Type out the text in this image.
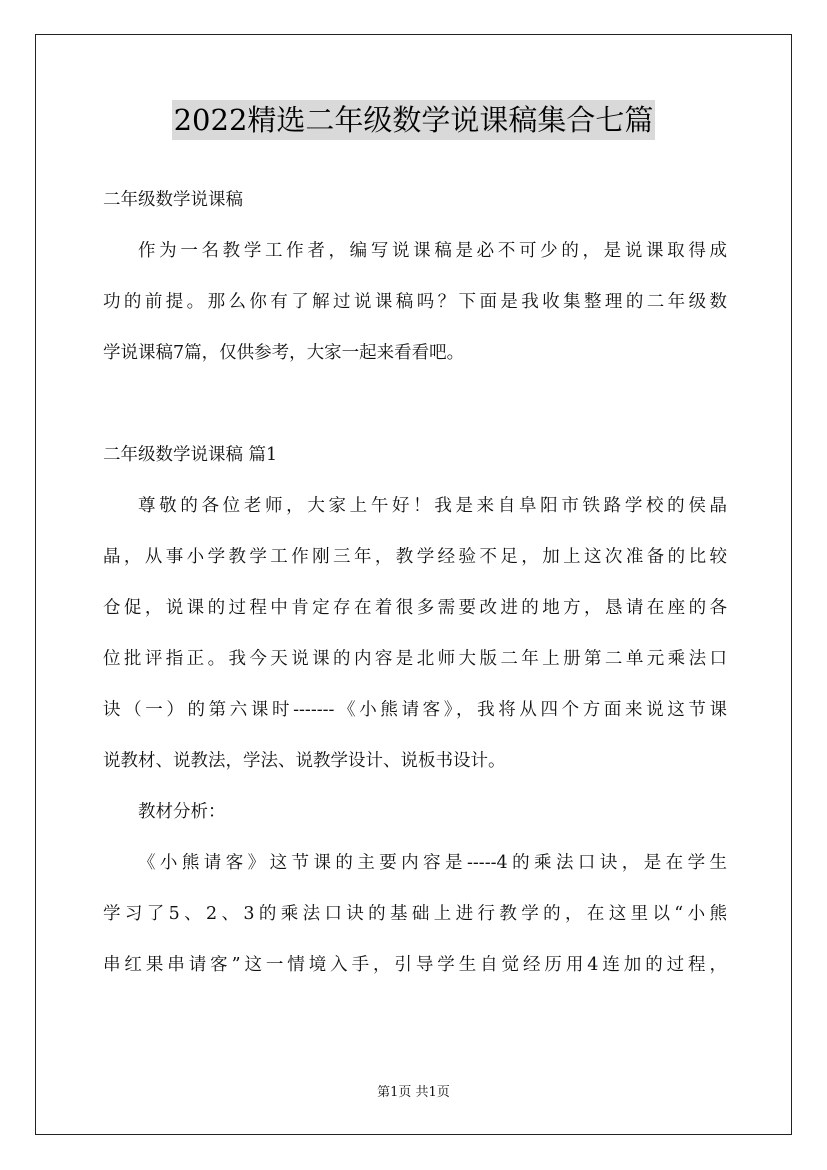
2022精选二年级数学说课稿集合七篇

二年级数学说课稿

作为一名教学工作者，编写说课稿是必不可少的，是说课取得成
功的前提。那么你有了解过说课稿吗？下面是我收集整理的二年级数
学说课稿7篇，仅供参考，大家一起来看看吧。

二年级数学说课稿 篇1

尊敬的各位老师，大家上午好！我是来自阜阳市铁路学校的侯晶
晶，从事小学教学工作刚三年，教学经验不足，加上这次准备的比较
仓促，说课的过程中肯定存在着很多需要改进的地方，恳请在座的各
位批评指正。我今天说课的内容是北师大版二年上册第二单元乘法口
诀（一）的第六课时-------《小熊请客》，我将从四个方面来说这节课
说教材、说教法，学法、说教学设计、说板书设计。

教材分析：

《小熊请客》这节课的主要内容是-----4的乘法口诀，是在学生
学习了5、2、3的乘法口诀的基础上进行教学的，在这里以“小熊
串红果串请客”这一情境入手，引导学生自觉经历用4连加的过程，
第1页 共1页
